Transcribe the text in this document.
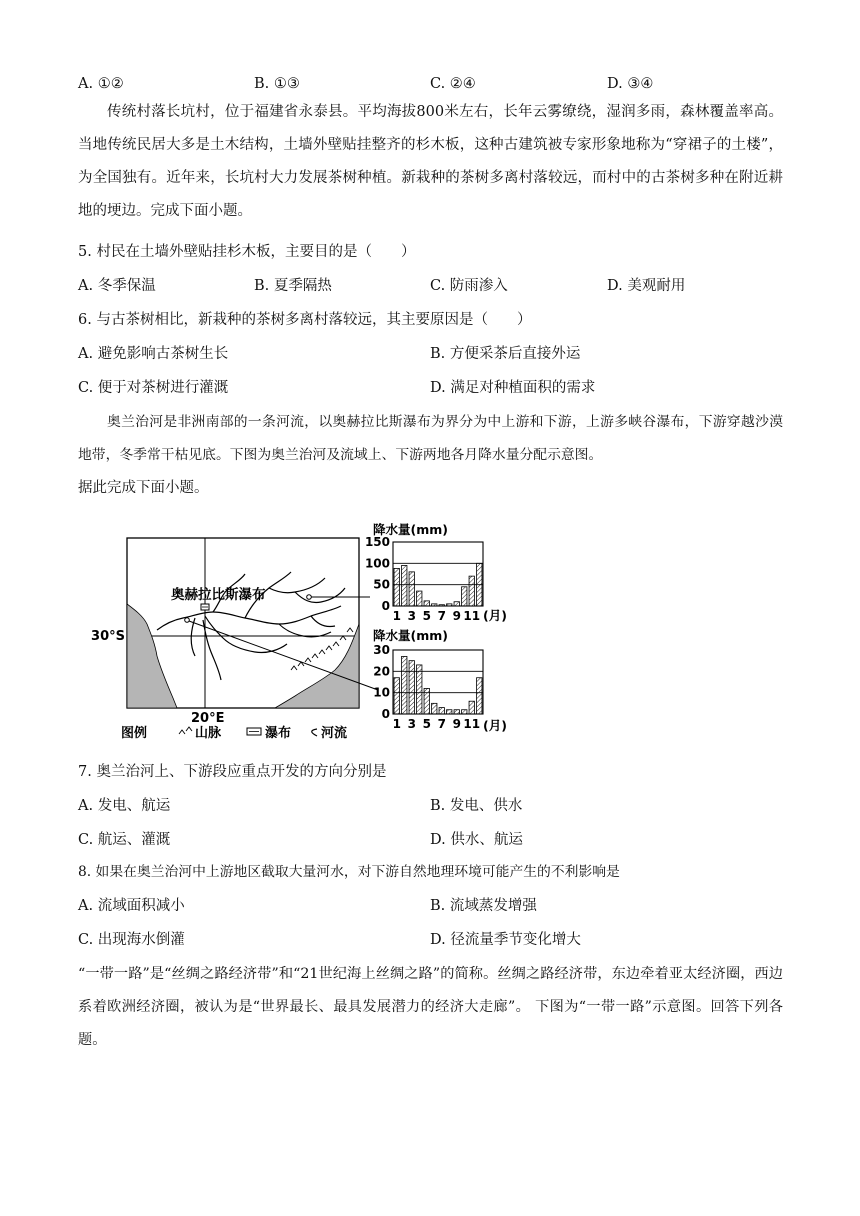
A. ①②	B. ①③	C. ②④	D. ③④
传统村落长坑村，位于福建省永泰县。平均海拔800米左右，长年云雾缭绕，湿润多雨，森林覆盖率高。当地传统民居大多是土木结构，土墙外壁贴挂整齐的杉木板，这种古建筑被专家形象地称为“穿裙子的土楼”，为全国独有。近年来，长坑村大力发展茶树种植。新栽种的茶树多离村落较远，而村中的古茶树多种在附近耕地的埂边。完成下面小题。
5. 村民在土墙外壁贴挂杉木板，主要目的是（　　）
A. 冬季保温	B. 夏季隔热	C. 防雨渗入	D. 美观耐用
6. 与古茶树相比，新栽种的茶树多离村落较远，其主要原因是（　　）
A. 避免影响古茶树生长	B. 方便采茶后直接外运
C. 便于对茶树进行灌溉	D. 满足对种植面积的需求
奥兰治河是非洲南部的一条河流，以奥赫拉比斯瀑布为界分为中上游和下游，上游多峡谷瀑布，下游穿越沙漠地带，冬季常干枯见底。下图为奥兰治河及流域上、下游两地各月降水量分配示意图。
据此完成下面小题。
奥赫拉比斯瀑布
30°S
20°E
图例	山脉	瀑布 河流
降水量(mm)
(月)
0
50
100
150
1 3 5 7 9 11
降水量(mm)
(月)
0
10
20
30
1 3 5 7 9 11
7. 奥兰治河上、下游段应重点开发的方向分别是
A. 发电、航运	B. 发电、供水
C. 航运、灌溉	D. 供水、航运
8. 如果在奥兰治河中上游地区截取大量河水，对下游自然地理环境可能产生的不利影响是
A. 流域面积减小	B. 流域蒸发增强
C. 出现海水倒灌	D. 径流量季节变化增大
“一带一路”是“丝绸之路经济带”和“21世纪海上丝绸之路”的简称。丝绸之路经济带，东边牵着亚太经济圈，西边系着欧洲经济圈，被认为是“世界最长、最具发展潜力的经济大走廊”。 下图为“一带一路”示意图。回答下列各题。
